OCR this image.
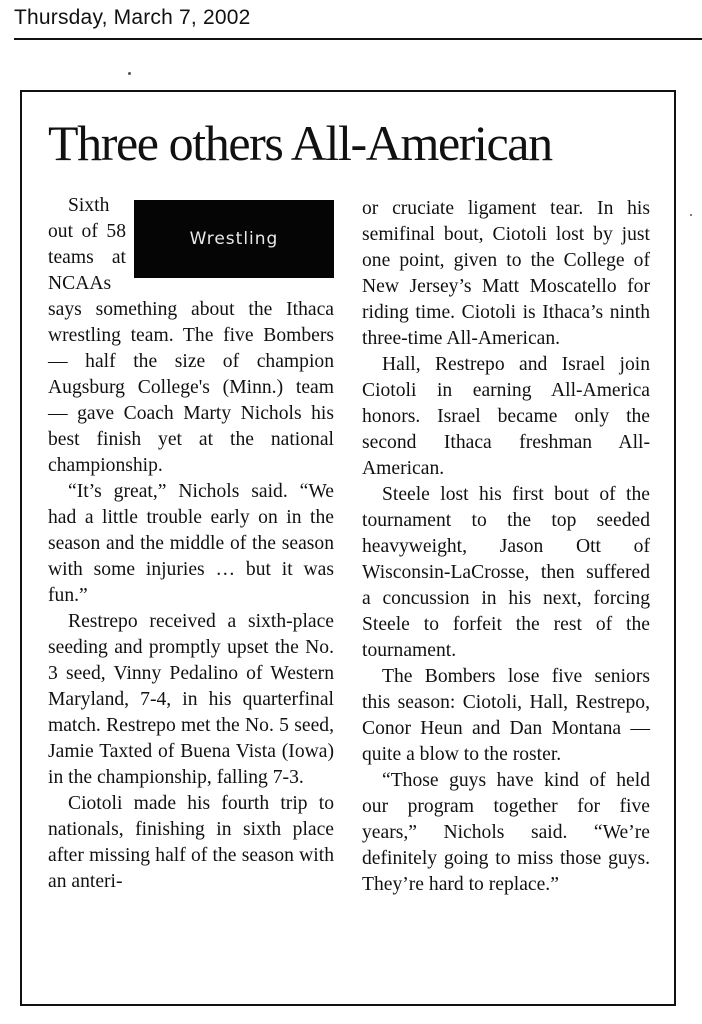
Thursday, March 7, 2002
Three others All-American
Wrestling

Sixth out of 58 teams at NCAAs says something about the Ithaca wrestling team. The five Bombers — half the size of champion Augsburg College's (Minn.) team — gave Coach Marty Nichols his best finish yet at the national championship.

“It’s great,” Nichols said. “We had a little trouble early on in the season and the middle of the season with some injuries … but it was fun.”

Restrepo received a sixth-place seeding and promptly upset the No. 3 seed, Vinny Pedalino of Western Maryland, 7-4, in his quarterfinal match. Restrepo met the No. 5 seed, Jamie Taxted of Buena Vista (Iowa) in the championship, falling 7-3.

Ciotoli made his fourth trip to nationals, finishing in sixth place after missing half of the season with an anteri-

or cruciate ligament tear. In his semifinal bout, Ciotoli lost by just one point, given to the College of New Jersey’s Matt Moscatello for riding time. Ciotoli is Ithaca’s ninth three-time All-American.

Hall, Restrepo and Israel join Ciotoli in earning All-America honors. Israel became only the second Ithaca freshman All-American.

Steele lost his first bout of the tournament to the top seeded heavyweight, Jason Ott of Wisconsin-LaCrosse, then suffered a concussion in his next, forcing Steele to forfeit the rest of the tournament.

The Bombers lose five seniors this season: Ciotoli, Hall, Restrepo, Conor Heun and Dan Montana — quite a blow to the roster.

“Those guys have kind of held our program together for five years,” Nichols said. “We’re definitely going to miss those guys. They’re hard to replace.”
